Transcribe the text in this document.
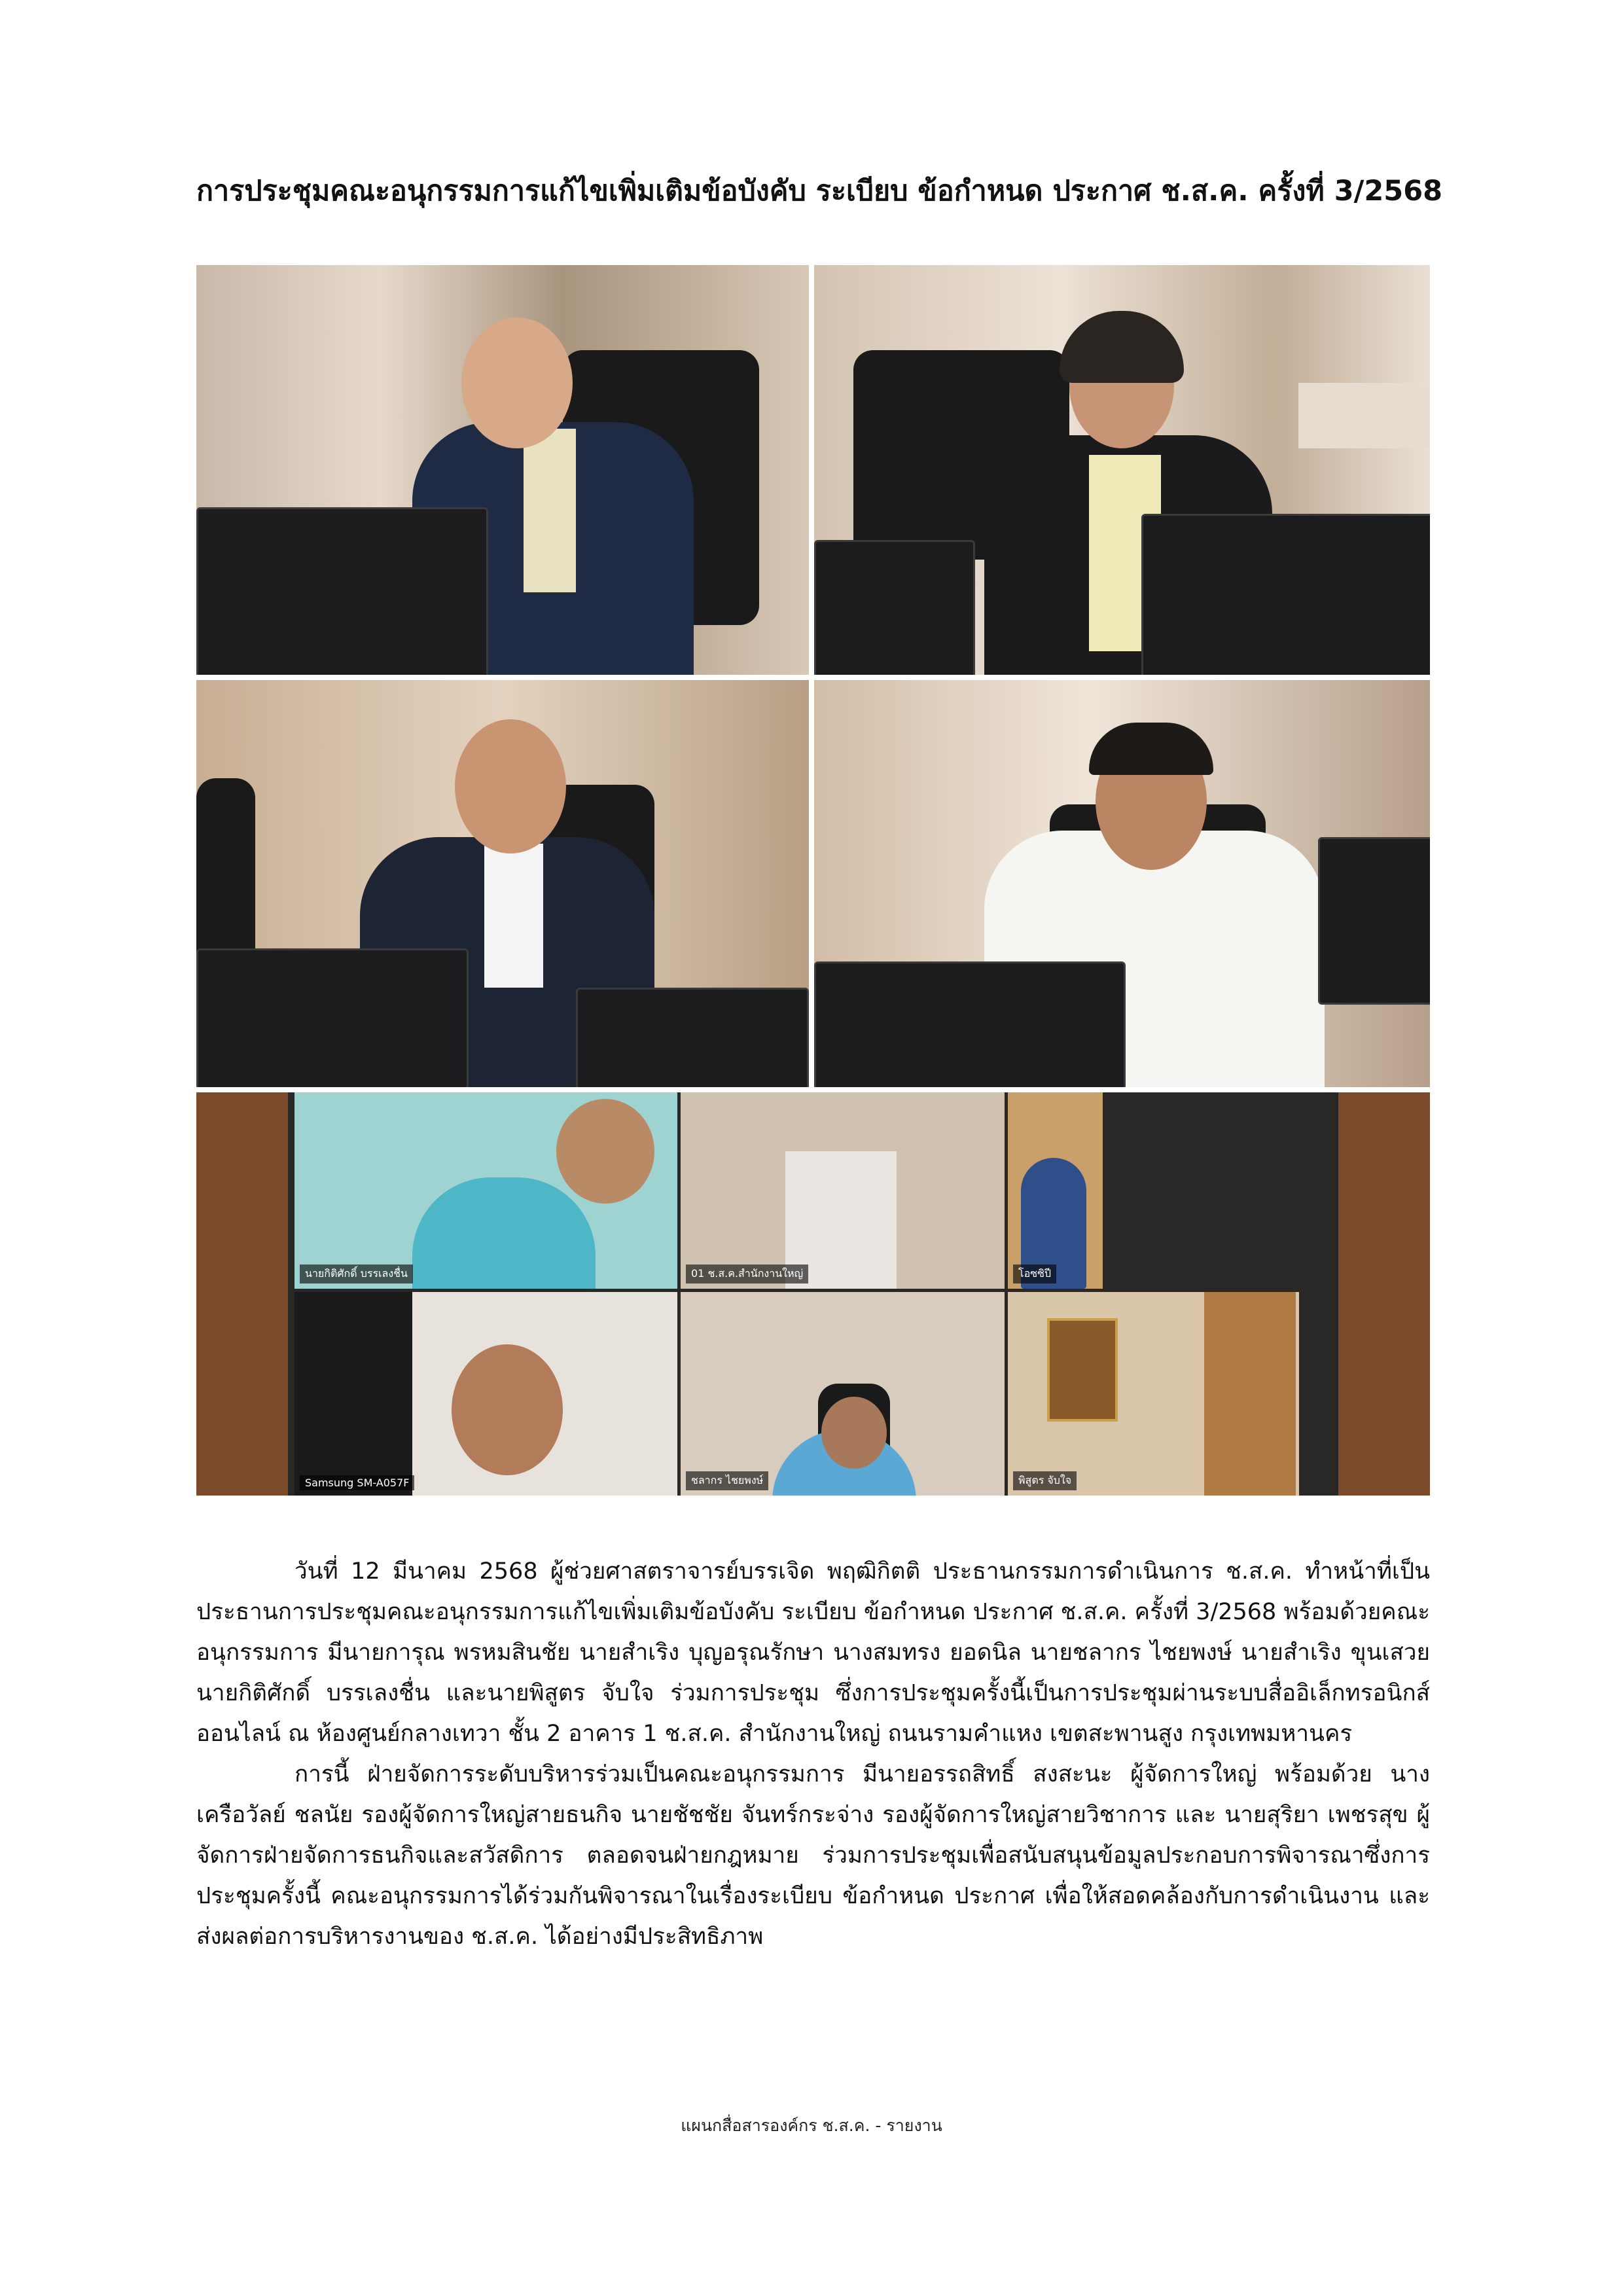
การประชุมคณะอนุกรรมการแก้ไขเพิ่มเติมข้อบังคับ ระเบียบ ข้อกำหนด ประกาศ ช.ส.ค. ครั้งที่ 3/2568
นายกิติศักดิ์ บรรเลงชื่น	01 ช.ส.ค.สำนักงานใหญ่	โอซซิปี
Samsung SM-A057F	ชลากร ไชยพงษ์	พิสูตร จับใจ

วันที่ 12 มีนาคม 2568 ผู้ช่วยศาสตราจารย์บรรเจิด พฤฒิกิตติ ประธานกรรมการดำเนินการ ช.ส.ค. ทำหน้าที่เป็นประธานการประชุมคณะอนุกรรมการแก้ไขเพิ่มเติมข้อบังคับ ระเบียบ ข้อกำหนด ประกาศ ช.ส.ค. ครั้งที่ 3/2568 พร้อมด้วยคณะอนุกรรมการ มีนายการุณ พรหมสินชัย นายสำเริง บุญอรุณรักษา นางสมทรง ยอดนิล นายชลากร ไชยพงษ์ นายสำเริง ขุนเสวย นายกิติศักดิ์ บรรเลงชื่น และนายพิสูตร จับใจ ร่วมการประชุม ซึ่งการประชุมครั้งนี้เป็นการประชุมผ่านระบบสื่ออิเล็กทรอนิกส์ออนไลน์ ณ ห้องศูนย์กลางเทวา ชั้น 2 อาคาร 1 ช.ส.ค. สำนักงานใหญ่ ถนนรามคำแหง เขตสะพานสูง กรุงเทพมหานคร

การนี้ ฝ่ายจัดการระดับบริหารร่วมเป็นคณะอนุกรรมการ มีนายอรรถสิทธิ์ สงสะนะ ผู้จัดการใหญ่ พร้อมด้วย นางเครือวัลย์ ชลนัย รองผู้จัดการใหญ่สายธนกิจ นายชัชชัย จันทร์กระจ่าง รองผู้จัดการใหญ่สายวิชาการ และ นายสุริยา เพชรสุข ผู้จัดการฝ่ายจัดการธนกิจและสวัสดิการ ตลอดจนฝ่ายกฎหมาย ร่วมการประชุมเพื่อสนับสนุนข้อมูลประกอบการพิจารณาซึ่งการประชุมครั้งนี้ คณะอนุกรรมการได้ร่วมกันพิจารณาในเรื่องระเบียบ ข้อกำหนด ประกาศ เพื่อให้สอดคล้องกับการดำเนินงาน และส่งผลต่อการบริหารงานของ ช.ส.ค. ได้อย่างมีประสิทธิภาพ

แผนกสื่อสารองค์กร ช.ส.ค. - รายงาน
